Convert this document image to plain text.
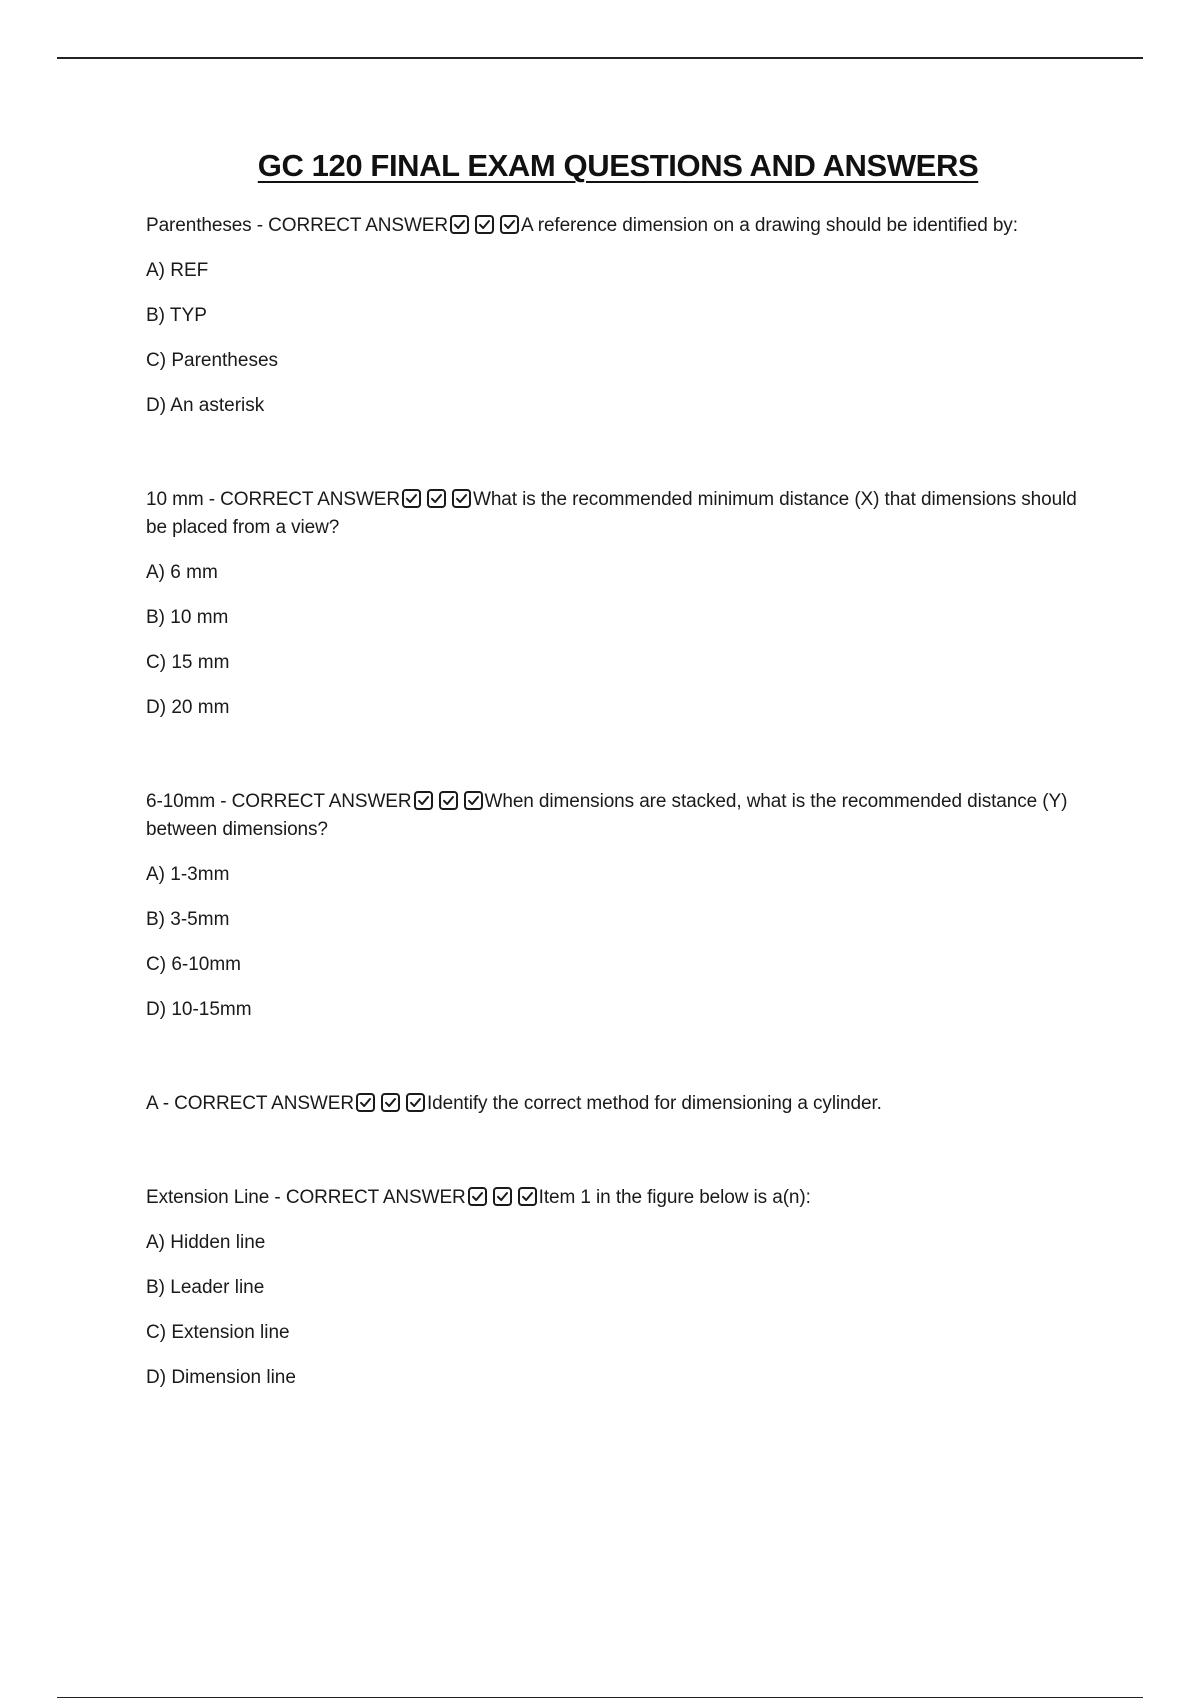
GC 120 FINAL EXAM QUESTIONS AND ANSWERS

Parentheses - CORRECT ANSWER	A reference dimension on a drawing should be identified by:

A) REF
B) TYP
C) Parentheses
D) An asterisk

10 mm - CORRECT ANSWER	What is the recommended minimum distance (X) that dimensions should be placed from a view?

A) 6 mm
B) 10 mm
C) 15 mm
D) 20 mm

6-10mm - CORRECT ANSWER	When dimensions are stacked, what is the recommended distance (Y) between dimensions?

A) 1-3mm
B) 3-5mm
C) 6-10mm
D) 10-15mm

A - CORRECT ANSWER	Identify the correct method for dimensioning a cylinder.

Extension Line - CORRECT ANSWER	Item 1 in the figure below is a(n):

A) Hidden line
B) Leader line
C) Extension line
D) Dimension line
